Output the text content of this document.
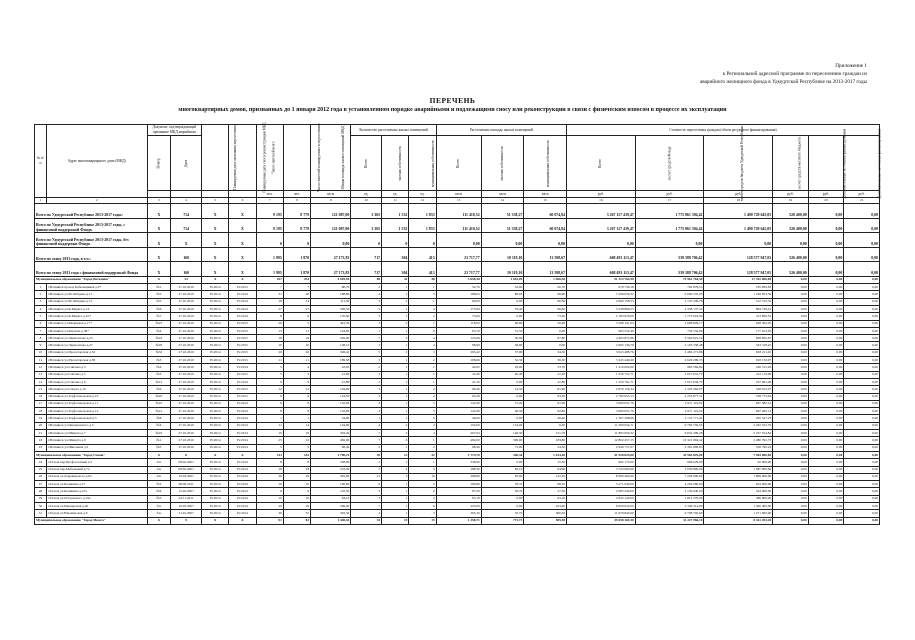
Приложение 1
к Региональной адресной программе по переселению граждан из
аварийного жилищного фонда в Удмуртской Республике на 2013-2017 годы
ПЕРЕЧЕНЬ
многоквартирных домов, признанных до 1 января 2012 года в установленном порядке аварийными и подлежащими сносу или реконструкции в связи с физическим износом в процессе их эксплуатации
№ п/п	Адрес многоквартирного дома (МКД)	Документ, подтверждающий признание МКД аварийным		Планируемая дата окончания переселения	Планируемая дата сноса/реконструкции МКД	Число жителей всего	Число жителей планируемых к переселению	Общая площадь жилых помещений МКД	Количество расселяемых жилых помещений			Расселяемая площадь жилых помещений			Стоимость переселения граждан (объем ресурсного финансирования)					
		Номер	Дата						Всего	частная собственность	муниципальная собственность	Всего	частная собственность	муниципальная собственность	Всего	за счет средств Фонда	за счет средств бюджета Удмуртской Республики	за счет средств местного бюджета	Дополнительные источники финансирования	Дополнительные источники финансирования
						чел.	чел.	кв.м	ед.	ед.	ед.	кв.м	кв.м	кв.м	руб.	руб.	руб.	руб.	руб.	руб.
1	2	3	4	5	6	7	8	9	10	11	12	13	14	15	16	17	18	19	20	21
Всего по Удмуртской Республике 2013-2017 годы:		X	714	X	X	9 195	8 779	121 087,00	3 365	1 532	1 833	111 410,52	51 338,27	60 074,84	3 267 117 439,47	1 775 861 394,42	1 490 729 645,05	520 400,00	0,00	0,00
Всего по Удмуртской Республике 2013-2017 годы, с финансовой поддержкой Фонда		X	714	X	X	9 195	8 779	121 087,00	3 365	1 532	1 833	111 410,52	51 338,27	60 074,84	3 267 117 439,47	1 775 861 394,42	1 490 729 645,05	520 400,00	0,00	0,00
Всего по Удмуртской Республике 2013-2017 годы, без финансовой поддержки Фонда		X	X	X	X	0	0	0,00	0	0	0	0,00	0,00	0,00	0,00	0,00	0,00	0,00	0,00	0,00
Всего по этапу 2013 года, в т.ч.:		X	160	X	X	1 995	1 870	27 173,83	717	304	413	23 717,77	10 119,10	13 598,67	668 493 113,47	539 388 706,42	128 577 947,05	526 400,00	0,00	0,00
Всего по этапу 2013 года с финансовой поддержкой Фонда		X	160	X	X	1 995	1 870	27 173,83	717	304	413	23 717,77	10 119,10	13 598,67	668 493 113,47	539 388 706,42	128 577 947,05	526 400,00	0,00	0,00
Муниципальное образование "Город Воткинск"		X	23	X	X	297	254	4 029,94	89	41	48	3 658,38	1 692,09	1 966,30	91 313 764,50	73 961 764,50	17 352 000,00	0,00	0,00	0,00
1	г.Воткинск проезд Кабельщиков д.2*	№1	27.10.2010	IV.2014	IV.2015	7	7	80,70	2	1	1	52,70	32,00	20,70	978 736,18	792 876,55	185 859,63	0,00	0,00	0,00
2	г.Воткинск ул.М.Лебедева д.11	№5	27.10.2010	IV.2014	IV.2014	31	28	188,80	4	1	3	188,03	86,93	96,90	7 299 059,32	6 060 235,93	1 228 853,39	0,00	0,00	0,00
3	г.Воткинск ул.М.Лебедева д.15	№5	27.10.2010	IV.2014	IV.2014	18	14	111,00	3	2	1	90,00	0,00	90,30	2 660 158,53	2 155 436,78	512 722,76	0,00	0,00	0,00
4	г.Воткинск ул.К.Маркса д.14	№6	27.10.2010	IV.2014	IV.2014	27	27	209,30	5	1	4	175,94	79,40	96,00	5 238 866,53	4 338 137,32	894 729,41	0,00	0,00	0,00
5	г.Воткинск ул.К.Маркса д.61*	№7	27.10.2010	IV.2014	IV.2014	8	6	170,60	3	1	2	73,00	0,00	73,20	2 183 918,00	1 770 016,00	413 856,53	0,00	0,00	0,00
6	г.Воткинск ул.Кварцевая д.17*	№25	27.10.2010	IV.2014	IV.2015	20	5	461,30	3	2	1	118,00	66,80	50,40	3 296 191,04	2 668 829,17	628 362,05	0,00	0,00	0,00
7	г.Воткинск ул.Карпова д.38*	№4	27.10.2010	IV.2014	IV.2015	13	11	144,00	1	1	0	63,70	31,50	0,00	993 552,40	734 534,09	177 013,65	0,00	0,00	0,00
8	г.Воткинск ул.Лермонтова д.23	№22	27.10.2010	IV.2014	IV.2015	18	19	226,00	7	2	4	123,96	30,00	87,80	4 403 871,86	3 563 021,19	828 850,67	0,00	0,00	0,00
9	г.Воткинск ул.Лермонтова д.27	№26	27.10.2010	IV.2014	IV.2015	10	10	128,10	3	1	2	98,99	56,90	0,00	2 693 136,79	2 163 558,48	543 318,25	0,00	0,00	0,00
10	г.Воткинск ул.Пролетарская д.32	№32	27.10.2010	IV.2014	IV.2015	26	26	326,42	5	2	3	295,42	57,90	34,50	3 043 488,76	2 484 271,86	818 211,45	0,00	0,00	0,00
11	г.Воткинск ул.Пролетарская д.38	№3	27.10.2010	IV.2014	IV.2015	11	11	189,58	3	1	2	108,66	32,30	36,30	3 245 449,40	2 626 299,33	618 150,07	0,00	0,00	0,00
12	г.Воткинск ул.Спитака д.3	№4	27.10.2010	IV.2014	IV.2014	5	4	42,65	2	1	1	42,65	19,00	33,70	1 210 002,00	983 584,84	246 515,26	0,00	0,00	0,00
13	г.Воткинск ул.Спитака д.5	№3	27.10.2010	IV.2014	IV.2015	5	5	41,60	2	1	1	41,60	20,40	21,20	1 256 751,71	1 015 631,72	241 119,99	0,00	0,00	0,00
14	г.Воткинск ул.Спитака д.6	№12	27.10.2010	IV.2014	IV.2014	9	9	41,89	2	1	1	41,50	0,00	41,89	1 250 791,71	1 015 632,72	237 961,49	0,00	0,00	0,00
15	г.Воткинск ул.Спорта д.10	№9	27.10.2010	IV.2014	IV.2015	12	12	104,90	3	1	2	96,40	14,50	81,90	2 870 156,34	2 323 262,07	548 912,07	0,00	0,00	0,00
16	г.Воткинск ул.Торфозаводская д.10	№20	27.10.2010	IV.2014	IV.2015	9	9	124,50	3	1	2	93,26	0,00	93,20	2 782 653,13	2 253 877,31	528 772,94	0,00	0,00	0,00
17	г.Воткинск ул.Торфозаводская д.11	№10	27.10.2010	IV.2014	IV.2014	9	8	132,90	4	1	3	122,90	31,20	91,60	3 669 051,76	2 971 119,02	697 382,14	0,00	0,00	0,00
18	г.Воткинск ул.Торфозаводская д.12	№12	27.10.2010	IV.2014	IV.2014	8	8	132,90	4	1	3	122,90	36,30	92,60	3 669 051,76	2 971 119,02	697 282,14	0,00	0,00	0,00
19	г.Воткинск ул.Торфозаводская д.5	№8	27.10.2010	IV.2014	IV.2014	1	1	54,00	1	1	0	46,00	0,00	46,00	1 397 298,66	1 131 771,41	265 527,25	0,00	0,00	0,00
20	г.Воткинск ул.Циолковского д.5	№4	27.10.2010	IV.2014	IV.2014	11	14	154,00	4	2	2	154,00	154,00	0,00	11 309 634,71	9 784 559,55	2 292 552,79	0,00	0,00	0,00
21	г.Воткинск ул.Шмидта д.7	№19	27.10.2010	IV.2014	IV.2014	19	19	303,40	7	3	4	297,94	146,30	151,70	11 893 659,32	9 632 309,28	2 257 914,84	0,00	0,00	0,00
22	г.Воткинск ул.Шмидта д.9	№1	27.10.2010	IV.2014	IV.2014	25	22	482,00	7	6	1	482,00	300,00	183,80	12 802 457,15	10 321 664,42	2 480 792,73	0,00	0,00	0,00
23	г.Воткинск ул.Школьная д.5	№5	27.10.2010	IV.2014	IV.2014	5	5	98,49	3	1	2	98,49	73,99	24,50	2 940 757,07	2 381 806,83	558 790,24	0,00	0,00	0,00
Муниципальное образование "Город Глазов"		X	8	X	X	143	142	1 790,21	45	13	32	1 774,70	340,30	1 434,40	41 928 825,00	33 965 825,00	7 963 000,00	0,00	0,00	0,00
24	г.Глазов пер.Профсоюзный д.3	б/н	08.02.2001	IV.2014	IV.2014	8	8	338,90	2	1	1	338,90	0,00	15,50	992 175,00	696 029,00	92 000,00	0,00	0,00	0,00
25	г.Глазов пер.Мебельный д.7а	б/н	08.02.2001	IV.2014	IV.2014	18	18	233,00	7	4	3	188,30	83,10	94,90	3 724 660,00	3 030 800,00	1 087 000,00	0,00	0,00	0,00
26	г.Глазов ул.Дзержинского д.62	б/н	19.03.2001	IV.2014	IV.2014	26	26	392,90	13	3	10	298,80	83,90	212,20	8 990 400,00	7 229 600,00	1 809 000,00	0,00	0,00	0,00
27	г.Глазов ул.Калинина д.27	№2	08.06.2011	IV.2014	IV.2014	10	10	166,80	6	1	5	166,80	78,70	88,10	5 271 940,00	4 264 060,00	624 000,00	0,00	0,00	0,00
28	г.Глазов ул.Калинина д.27а	№6	15.02.2007	IV.2014	IV.2014	6	6	110,30	3	1	2	87,20	59,70	27,50	2 683 240,00	2 139 040,00	544 000,00	0,00	0,00	0,00
29	г.Глазов ул.Островского д.19а	№3	02.11.2011	IV.2014	IV.2014	10	10	63,10	3	1	2	63,10	0,00	63,10	2 643 120,00	1 814 370,00	386 600,00	0,00	0,00	0,00
30	г.Глазов ул.Пионерская д.20	б/н	19.03.2007	IV.2014	IV.2014	29	29	269,00	7	1	6	223,00	0,00	223,00	6 829 614,00	5 349 314,00	1 306 400,00	0,00	0,00	0,00
31	г.Глазов ул.Юкаменская д.9	б/н	31.01.2007	IV.2014	IV.2014	36	35	393,30	4	1	3	393,30	35,70	306,20	11 679 843,00	9 708 705,00	1 271 600,00	0,00	0,00	0,00
Муниципальное образование "Город Можга"		X	9	X	X	91	82	1 440,44	34	19	15	1 258,71	772,73	585,98	39 658 169,30	31 227 966,10	8 421 453,20	0,00	0,00	0,00
